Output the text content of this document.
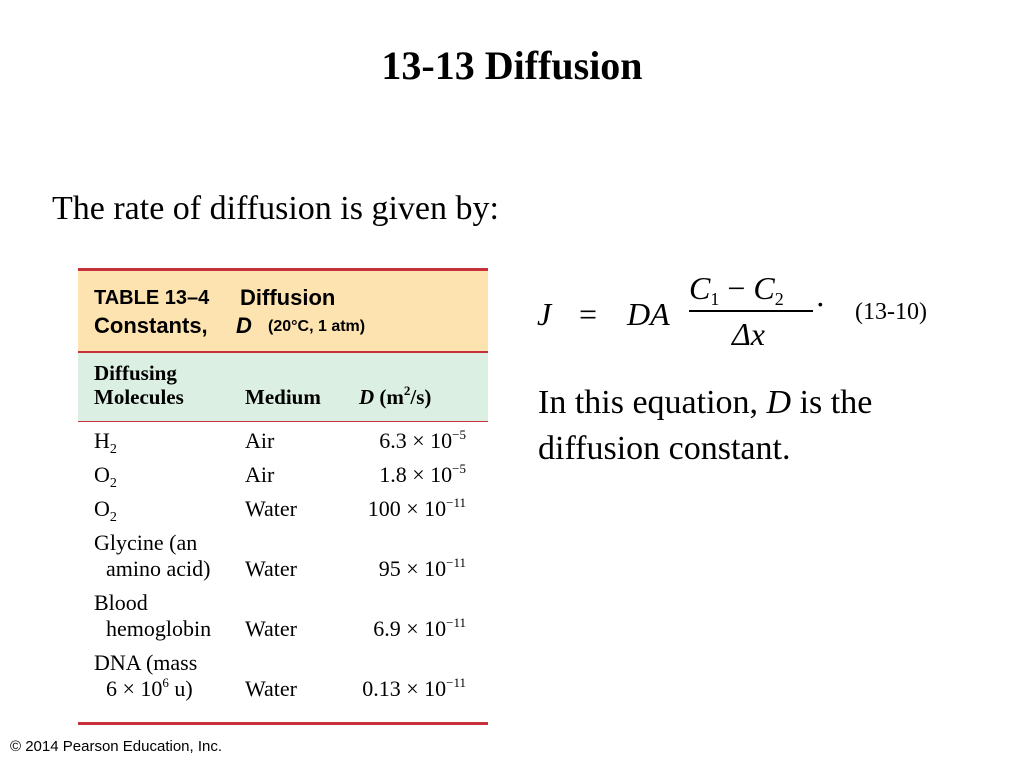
13-13 Diffusion
The rate of diffusion is given by:
TABLE 13–4 Diffusion
Constants, D (20°C, 1 atm)
Diffusing
Molecules	Medium D $(m^2/s)$
$H_2$	Air	$6.3 \times 10^{-5}$
$O_2$	Air	$1.8 \times 10^{-5}$
$O_2$	Water	$100 \times 10^{-11}$
Glycine (an
amino acid) Water	$95 \times 10^{-11}$
Blood
hemoglobin Water	$6.9 \times 10^{-11}$
DNA (mass
$6 \times 10^6$ u) Water	$0.13 \times 10^{-11}$
J = DA
$C_1 - C_2$
Δx
· (13-10)
In this equation, D is the diffusion constant.
© 2014 Pearson Education, Inc.
